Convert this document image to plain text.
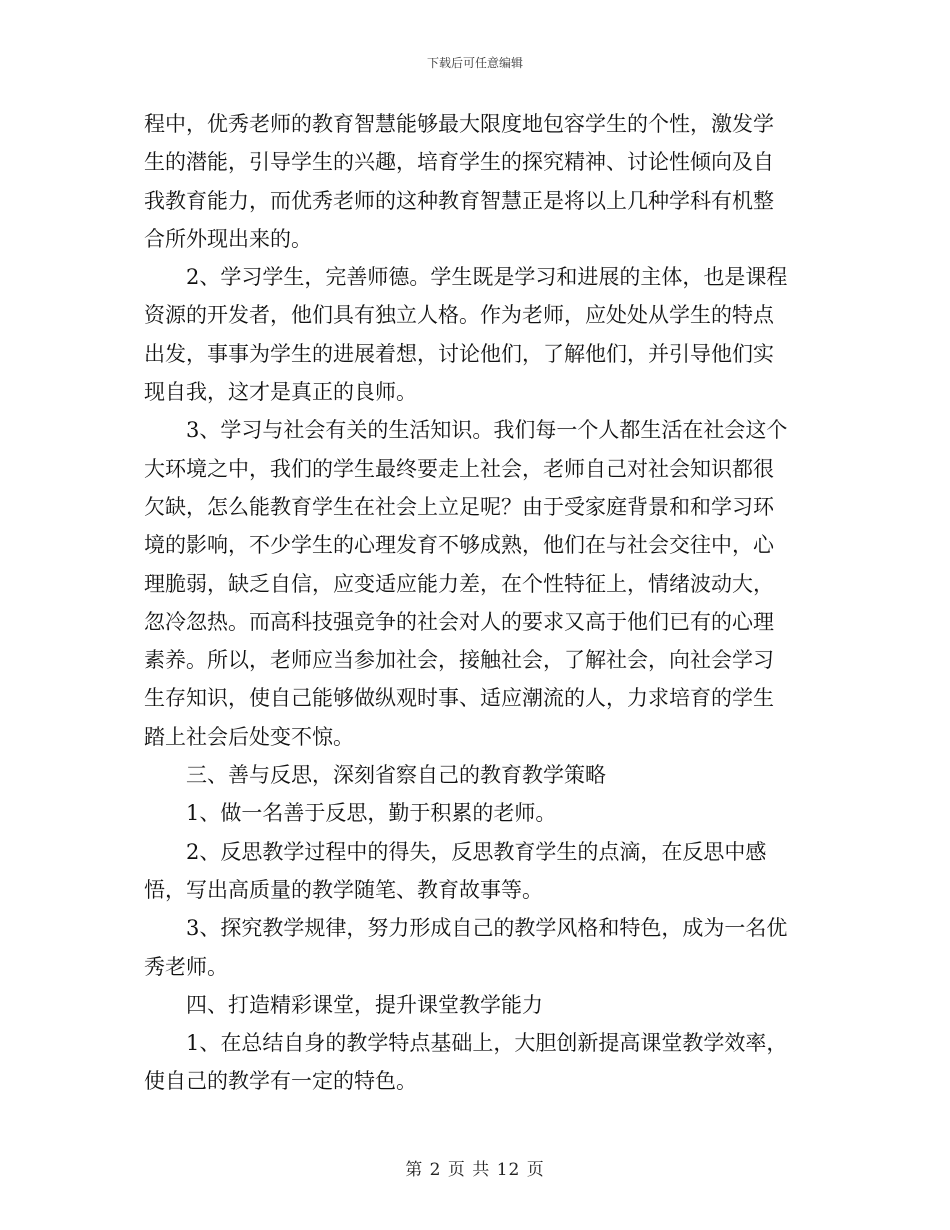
下载后可任意编辑
程中，优秀老师的教育智慧能够最大限度地包容学生的个性，激发学
生的潜能，引导学生的兴趣，培育学生的探究精神、讨论性倾向及自
我教育能力，而优秀老师的这种教育智慧正是将以上几种学科有机整
合所外现出来的。
2、学习学生，完善师德。学生既是学习和进展的主体，也是课程
资源的开发者，他们具有独立人格。作为老师，应处处从学生的特点
出发，事事为学生的进展着想，讨论他们，了解他们，并引导他们实
现自我，这才是真正的良师。
3、学习与社会有关的生活知识。我们每一个人都生活在社会这个
大环境之中，我们的学生最终要走上社会，老师自己对社会知识都很
欠缺，怎么能教育学生在社会上立足呢？由于受家庭背景和和学习环
境的影响，不少学生的心理发育不够成熟，他们在与社会交往中，心
理脆弱，缺乏自信，应变适应能力差，在个性特征上，情绪波动大，
忽冷忽热。而高科技强竞争的社会对人的要求又高于他们已有的心理
素养。所以，老师应当参加社会，接触社会，了解社会，向社会学习
生存知识，使自己能够做纵观时事、适应潮流的人，力求培育的学生
踏上社会后处变不惊。
三、善与反思，深刻省察自己的教育教学策略
1、做一名善于反思，勤于积累的老师。
2、反思教学过程中的得失，反思教育学生的点滴，在反思中感
悟，写出高质量的教学随笔、教育故事等。
3、探究教学规律，努力形成自己的教学风格和特色，成为一名优
秀老师。
四、打造精彩课堂，提升课堂教学能力
1、在总结自身的教学特点基础上，大胆创新提高课堂教学效率，
使自己的教学有一定的特色。
第 2 页 共 12 页
